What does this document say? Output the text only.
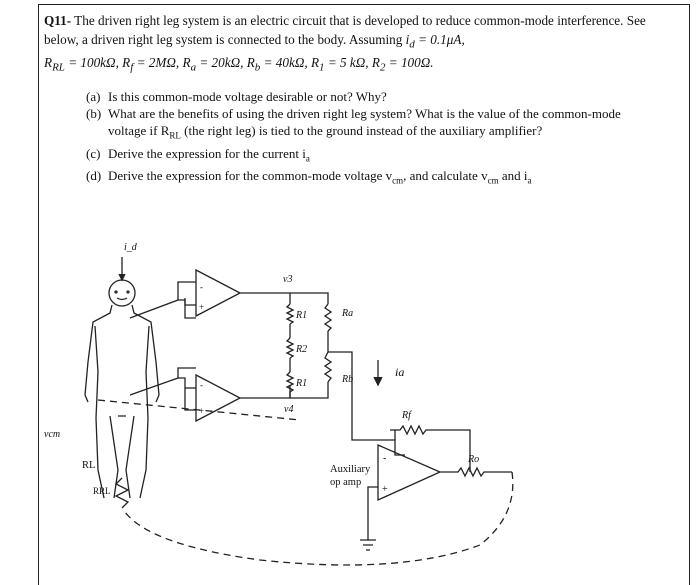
Q11- The driven right leg system is an electric circuit that is developed to reduce common-mode interference. See below, a driven right leg system is connected to the body. Assuming $i_d = 0.1\mu A$,
$R_{RL} = 100k\Omega$, $R_f = 2M\Omega$, $R_a = 20k\Omega$, $R_b = 40k\Omega$, $R_1 = 5$ kΩ, $R_2 = 100\Omega$.
(a) Is this common-mode voltage desirable or not? Why?
(b) What are the benefits of using the driven right leg system? What is the value of the common-mode voltage if $R_{RL}$ (the right leg) is tied to the ground instead of the auxiliary amplifier?
(c) Derive the expression for the current $i_a$
(d) Derive the expression for the common-mode voltage $v_{cm}$, and calculate $v_{cm}$ and $i_a$
i_d
v3
v4
R1
R2
R1
Ra
Rb
ia
Rf
Ro
vcm
RRL
RL	Auxiliary
op amp
-
+
-
+
-
+
